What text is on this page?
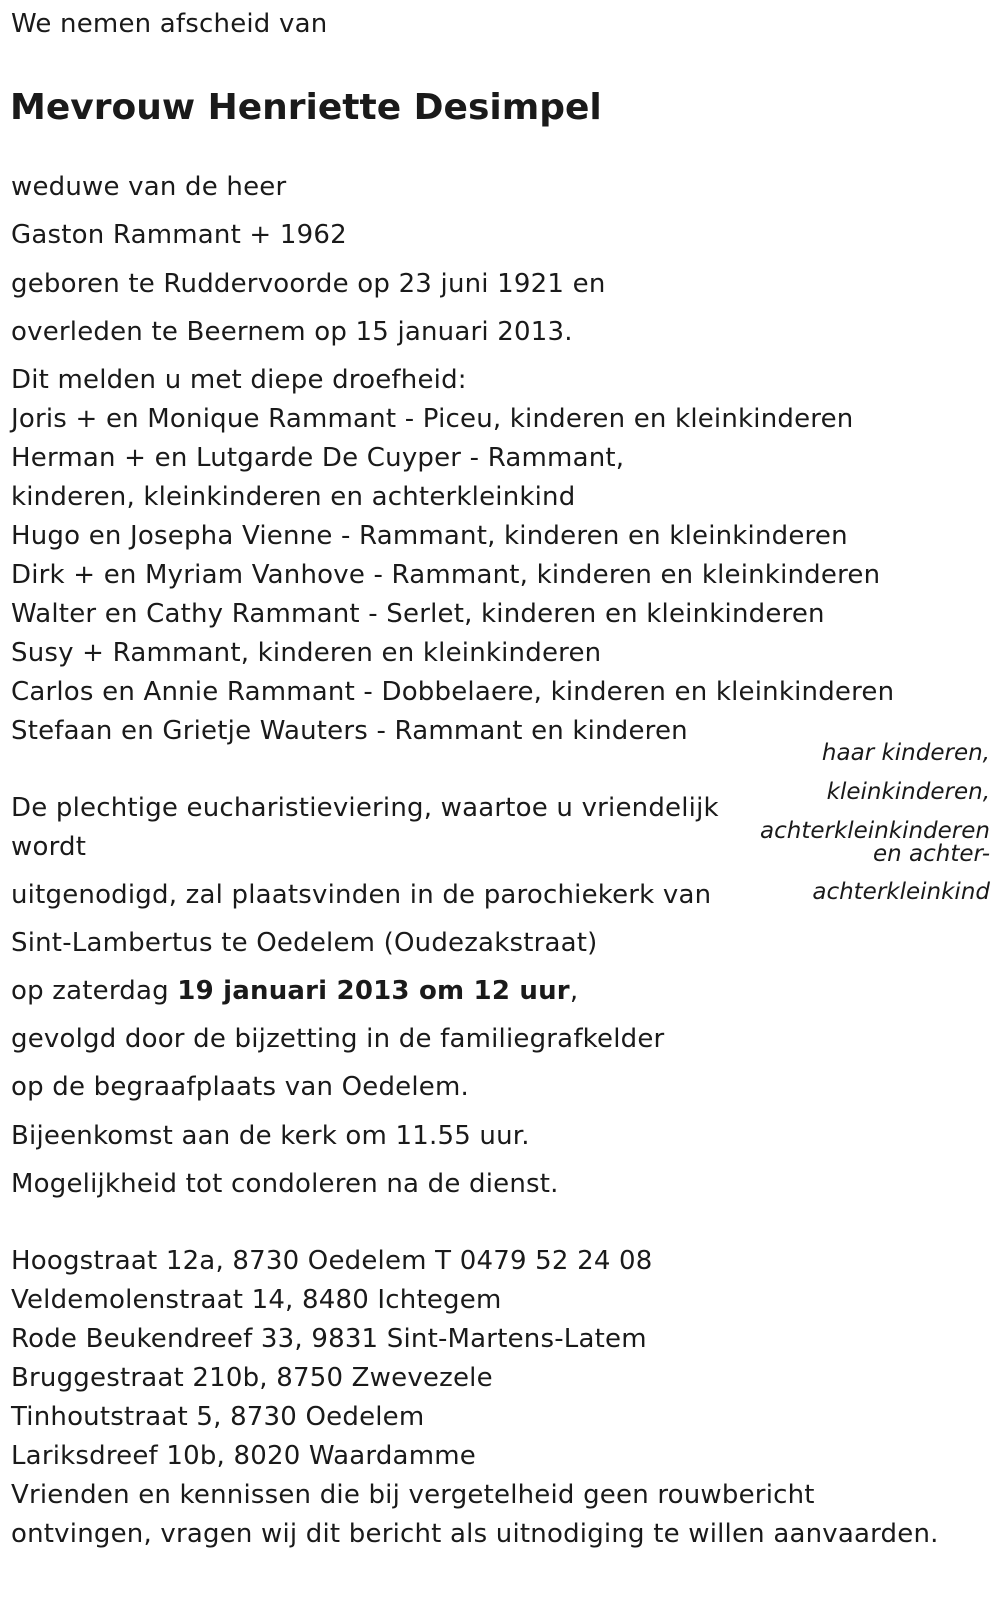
We nemen afscheid van
Mevrouw Henriette Desimpel
weduwe van de heer
Gaston Rammant + 1962
geboren te Ruddervoorde op 23 juni 1921 en
overleden te Beernem op 15 januari 2013.
Dit melden u met diepe droefheid:
Joris + en Monique Rammant - Piceu, kinderen en kleinkinderen
Herman + en Lutgarde De Cuyper - Rammant,
kinderen, kleinkinderen en achterkleinkind
Hugo en Josepha Vienne - Rammant, kinderen en kleinkinderen
Dirk + en Myriam Vanhove - Rammant, kinderen en kleinkinderen
Walter en Cathy Rammant - Serlet, kinderen en kleinkinderen
Susy + Rammant, kinderen en kleinkinderen
Carlos en Annie Rammant - Dobbelaere, kinderen en kleinkinderen
Stefaan en Grietje Wauters - Rammant en kinderen
haar kinderen,
kleinkinderen,
achterkleinkinderen
en achter-
achterkleinkind
De plechtige eucharistieviering, waartoe u vriendelijk
wordt
uitgenodigd, zal plaatsvinden in de parochiekerk van
Sint-Lambertus te Oedelem (Oudezakstraat)
op zaterdag 19 januari 2013 om 12 uur,
gevolgd door de bijzetting in de familiegrafkelder
op de begraafplaats van Oedelem.
Bijeenkomst aan de kerk om 11.55 uur.
Mogelijkheid tot condoleren na de dienst.
Hoogstraat 12a, 8730 Oedelem T 0479 52 24 08
Veldemolenstraat 14, 8480 Ichtegem
Rode Beukendreef 33, 9831 Sint-Martens-Latem
Bruggestraat 210b, 8750 Zwevezele
Tinhoutstraat 5, 8730 Oedelem
Lariksdreef 10b, 8020 Waardamme
Vrienden en kennissen die bij vergetelheid geen rouwbericht
ontvingen, vragen wij dit bericht als uitnodiging te willen aanvaarden.
